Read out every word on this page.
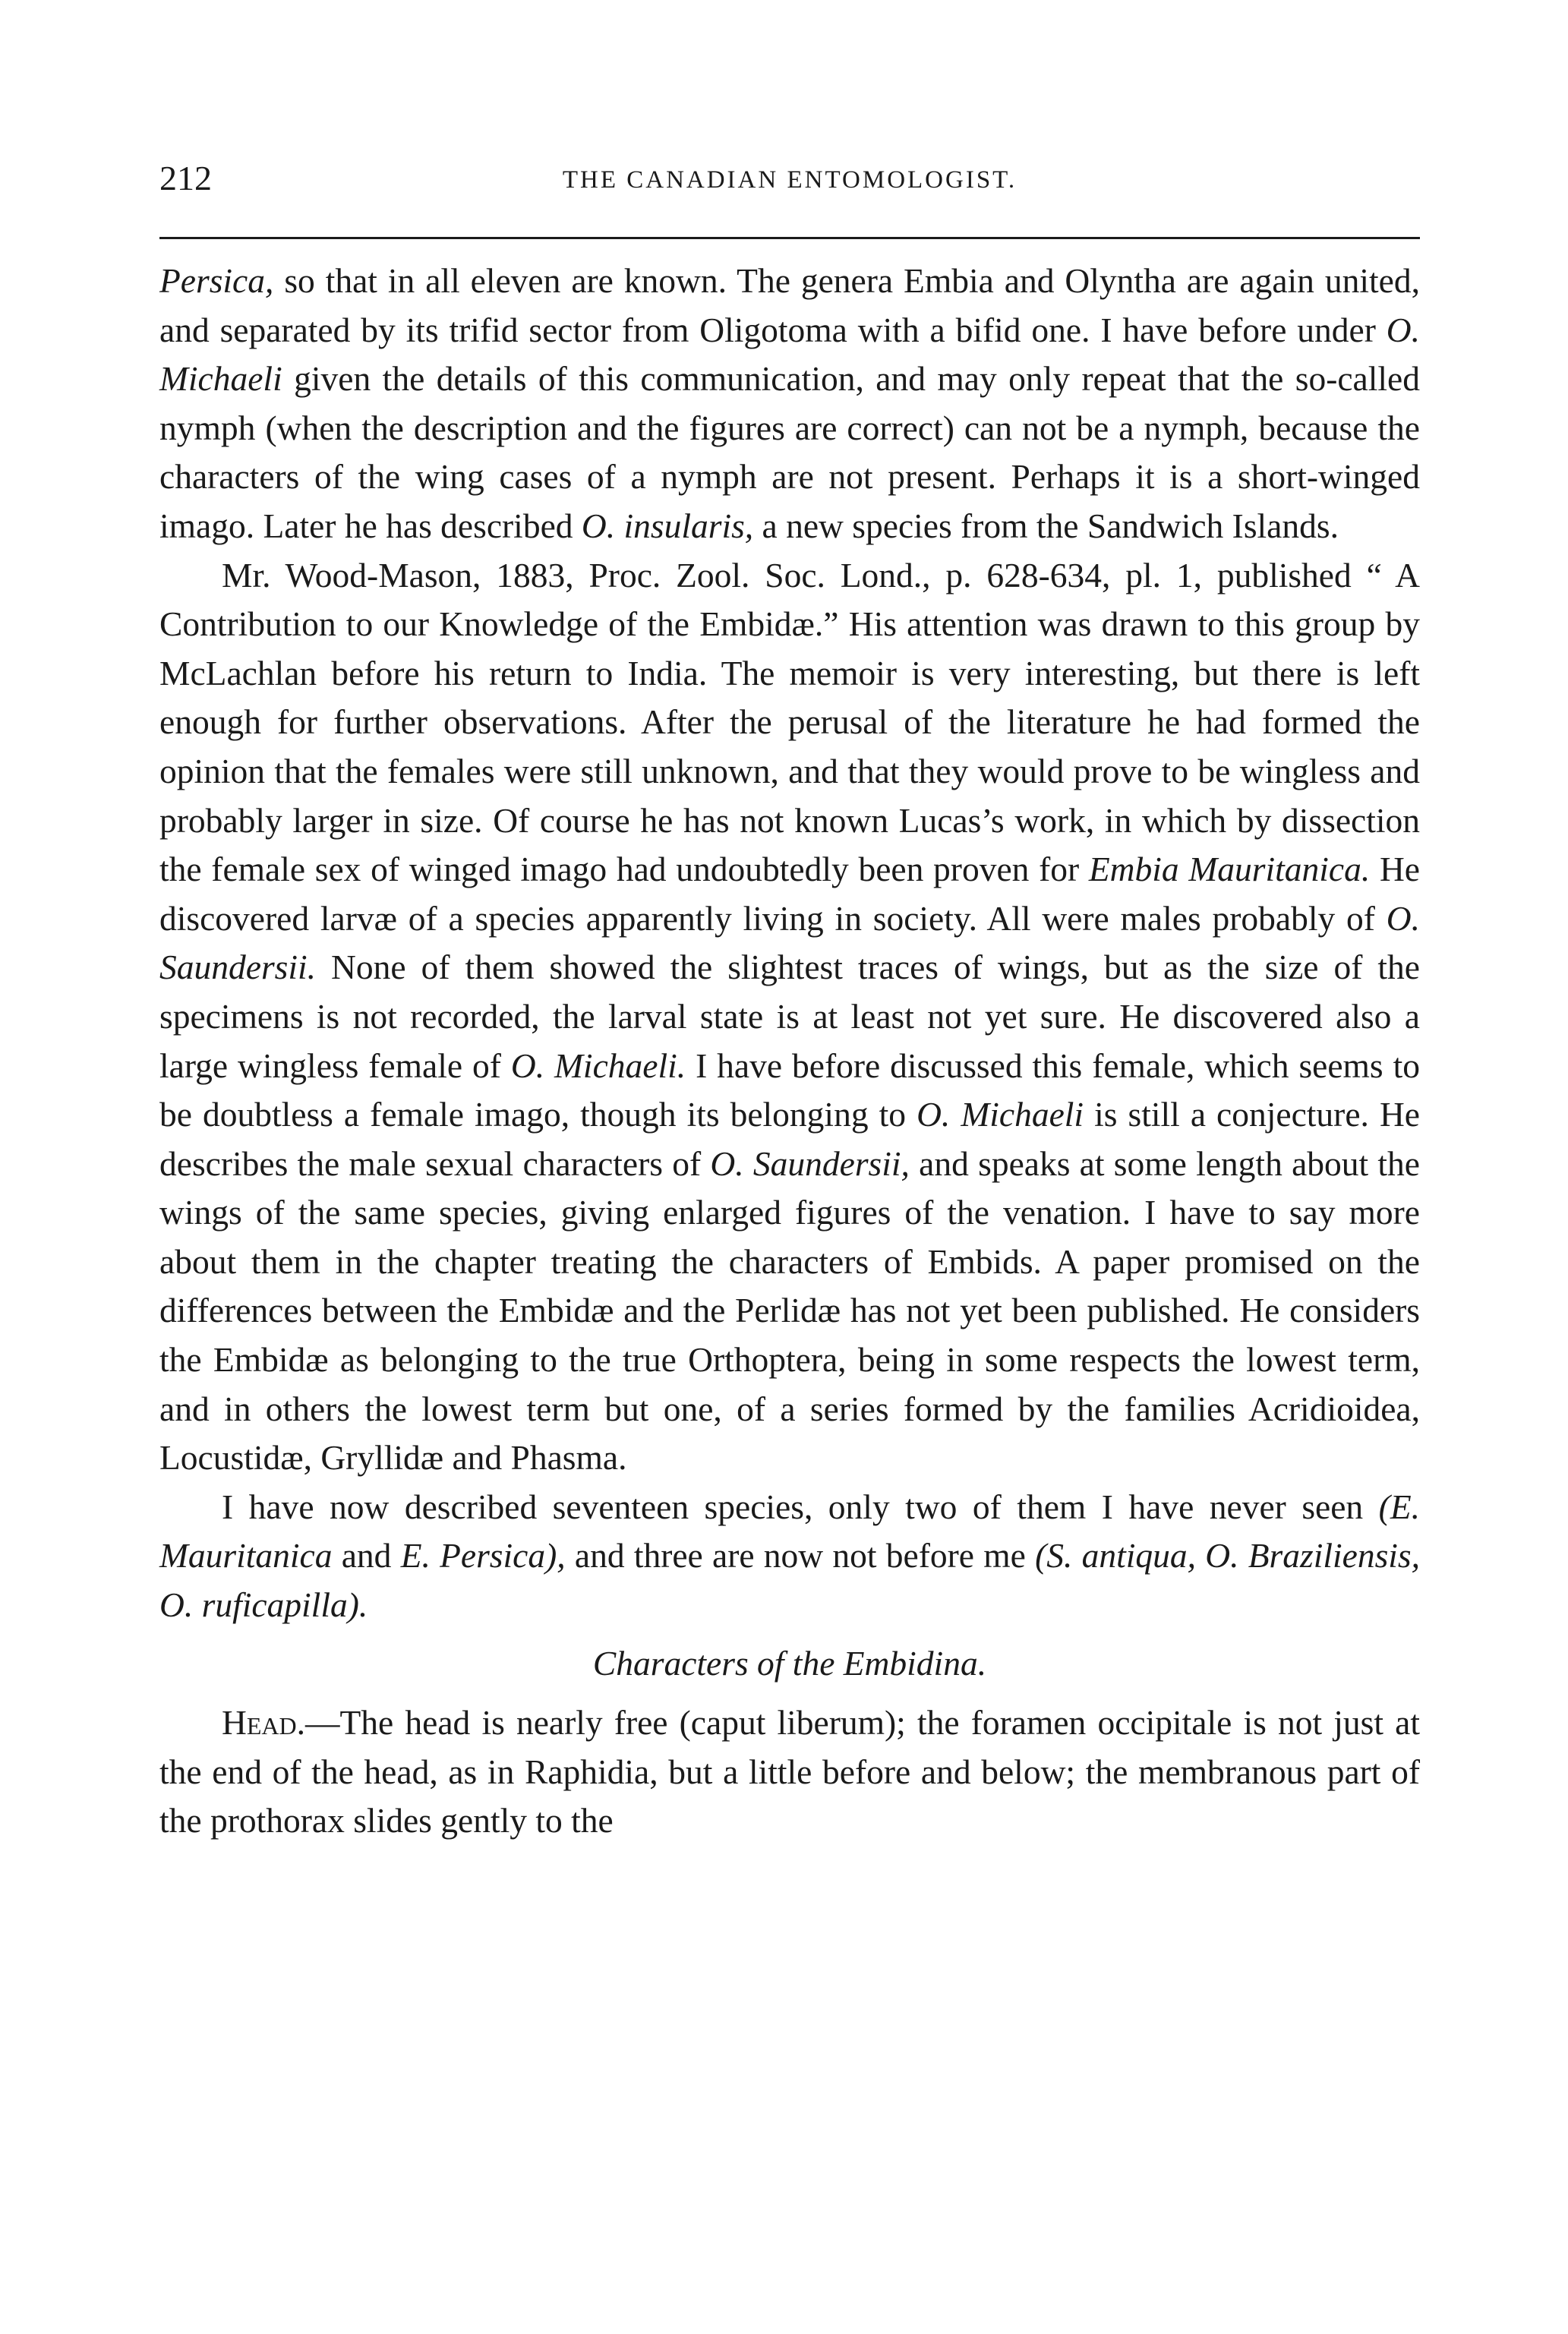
212	THE CANADIAN ENTOMOLOGIST.

Persica, so that in all eleven are known. The genera Embia and Olyntha are again united, and separated by its trifid sector from Oligotoma with a bifid one. I have before under O. Michaeli given the details of this communication, and may only repeat that the so-called nymph (when the description and the figures are correct) can not be a nymph, because the characters of the wing cases of a nymph are not present. Perhaps it is a short-winged imago. Later he has described O. insularis, a new species from the Sandwich Islands.

Mr. Wood-Mason, 1883, Proc. Zool. Soc. Lond., p. 628-634, pl. 1, published “ A Contribution to our Knowledge of the Embidæ.” His attention was drawn to this group by McLachlan before his return to India. The memoir is very interesting, but there is left enough for further observations. After the perusal of the literature he had formed the opinion that the females were still unknown, and that they would prove to be wingless and probably larger in size. Of course he has not known Lucas’s work, in which by dissection the female sex of winged imago had undoubtedly been proven for Embia Mauritanica. He discovered larvæ of a species apparently living in society. All were males probably of O. Saundersii. None of them showed the slightest traces of wings, but as the size of the specimens is not recorded, the larval state is at least not yet sure. He discovered also a large wingless female of O. Michaeli. I have before discussed this female, which seems to be doubtless a female imago, though its belonging to O. Michaeli is still a conjecture. He describes the male sexual characters of O. Saundersii, and speaks at some length about the wings of the same species, giving enlarged figures of the venation. I have to say more about them in the chapter treating the characters of Embids. A paper promised on the differences between the Embidæ and the Perlidæ has not yet been published. He considers the Embidæ as belonging to the true Orthoptera, being in some respects the lowest term, and in others the lowest term but one, of a series formed by the families Acridioidea, Locustidæ, Gryllidæ and Phasma.

I have now described seventeen species, only two of them I have never seen (E. Mauritanica and E. Persica), and three are now not before me (S. antiqua, O. Braziliensis, O. ruficapilla).

Characters of the Embidina.

Head.—The head is nearly free (caput liberum); the foramen occipitale is not just at the end of the head, as in Raphidia, but a little before and below; the membranous part of the prothorax slides gently to the
